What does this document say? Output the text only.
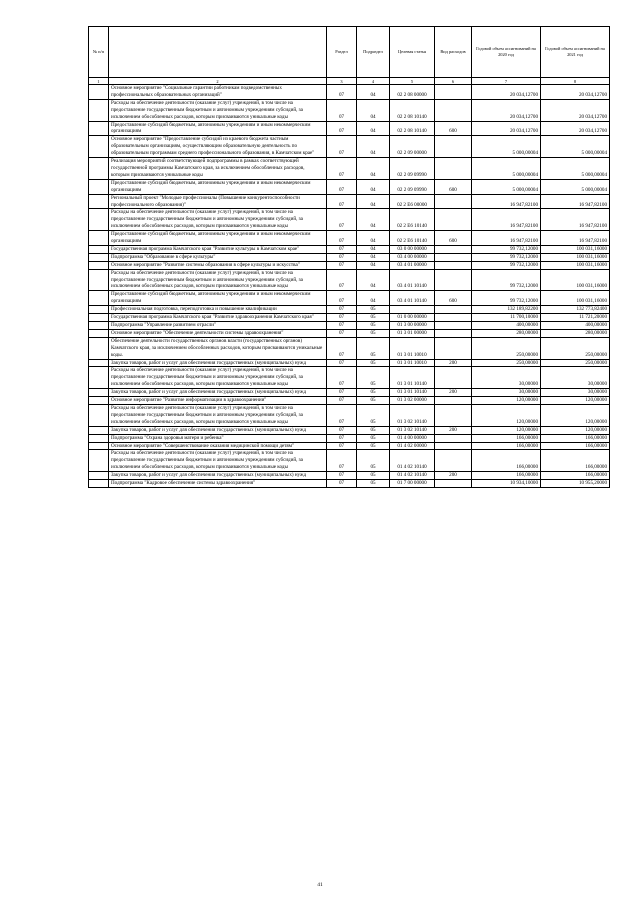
№ п/п		Раздел	Подраздел	Целевая статья	Вид расходов	Годовой объем ассигнований на 2020 год	Годовой объем ассигнований на 2021 год
1	2	3	4	5	6	7	8
	Основное мероприятие "Социальные гарантии работникам подведомственных профессиональных образовательных организаций"	07	04	02 2 08 00000		20 034,12700	20 034,12700
	Расходы на обеспечение деятельности (оказание услуг) учреждений, в том числе на предоставление государственным бюджетным и автономным учреждениям субсидий, за исключением обособленных расходов, которым присваиваются уникальные коды	07	04	02 2 08 10140		20 034,12700	20 034,12700
	Предоставление субсидий бюджетным, автономным учреждениям и иным некоммерческим организациям	07	04	02 2 08 10140	600	20 034,12700	20 034,12700
	Основное мероприятие "Предоставление субсидий из краевого бюджета частным образовательным организациям, осуществляющим образовательную деятельность по образовательным программам среднего профессионального образования, в Камчатском крае"	07	04	02 2 09 00000		5 000,00004	5 000,00004
	Реализация мероприятий соответствующей подпрограммы в рамках соответствующей государственной программы Камчатского края, за исключением обособленных расходов, которым присваиваются уникальные коды	07	04	02 2 09 09990		5 000,00004	5 000,00004
	Предоставление субсидий бюджетным, автономным учреждениям и иным некоммерческим организациям	07	04	02 2 09 09990	600	5 000,00004	5 000,00004
	Региональный проект "Молодые профессионалы (Повышение конкурентоспособности профессионального образования)"	07	04	02 2 E6 00000		16 947,82100	16 947,82100
	Расходы на обеспечение деятельности (оказание услуг) учреждений, в том числе на предоставление государственным бюджетным и автономным учреждениям субсидий, за исключением обособленных расходов, которым присваиваются уникальные коды	07	04	02 2 E6 10140		16 947,82100	16 947,82100
	Предоставление субсидий бюджетным, автономным учреждениям и иным некоммерческим организациям	07	04	02 2 E6 10140	600	16 947,82100	16 947,82100
	Государственная программа Камчатского края "Развитие культуры в Камчатском крае"	07	04	03 0 00 00000		99 732,12000	100 031,16000
	Подпрограмма "Образование в сфере культуры"	07	04	03 4 00 00000		99 732,12000	100 031,16000
	Основное мероприятие "Развитие системы образования в сфере культуры и искусства"	07	04	03 4 01 00000		99 732,12000	100 031,16000
	Расходы на обеспечение деятельности (оказание услуг) учреждений, в том числе на предоставление государственным бюджетным и автономным учреждениям субсидий, за исключением обособленных расходов, которым присваиваются уникальные коды	07	04	03 4 01 10140		99 732,12000	100 031,16000
	Предоставление субсидий бюджетным, автономным учреждениям и иным некоммерческим организациям	07	04	03 4 01 10140	600	99 732,12000	100 031,16000
	Профессиональная подготовка, переподготовка и повышение квалификации	07	05			132 189,82200	132 773,82400
	Государственная программа Камчатского края "Развитие здравоохранения Камчатского края"	07	05	01 0 00 00000		11 700,10000	11 721,20000
	Подпрограмма "Управление развитием отрасли"	07	05	01 3 00 00000		400,00000	400,00000
	Основное мероприятие "Обеспечение деятельности системы здравоохранения"	07	05	01 3 01 00000		280,00000	280,00000
	Обеспечение деятельности государственных органов власти (государственных органов) Камчатского края, за исключением обособленных расходов, которым присваиваются уникальные коды.	07	05	01 3 01 10010		250,00000	250,00000
	Закупка товаров, работ и услуг для обеспечения государственных (муниципальных) нужд	07	05	01 3 01 10010	200	250,00000	250,00000
	Расходы на обеспечение деятельности (оказание услуг) учреждений, в том числе на предоставление государственным бюджетным и автономным учреждениям субсидий, за исключением обособленных расходов, которым присваиваются уникальные коды	07	05	01 3 01 10140		30,00000	30,00000
	Закупка товаров, работ и услуг для обеспечения государственных (муниципальных) нужд	07	05	01 3 01 10140	200	30,00000	30,00000
	Основное мероприятие "Развитие информатизации в здравоохранении"	07	05	01 3 02 00000		120,00000	120,00000
	Расходы на обеспечение деятельности (оказание услуг) учреждений, в том числе на предоставление государственным бюджетным и автономным учреждениям субсидий, за исключением обособленных расходов, которым присваиваются уникальные коды	07	05	01 3 02 10140		120,00000	120,00000
	Закупка товаров, работ и услуг для обеспечения государственных (муниципальных) нужд	07	05	01 3 02 10140	200	120,00000	120,00000
	Подпрограмма "Охрана здоровья матери и ребенка"	07	05	01 4 00 00000		166,00000	166,00000
	Основное мероприятие "Совершенствование оказания медицинской помощи детям"	07	05	01 4 02 00000		166,00000	166,00000
	Расходы на обеспечение деятельности (оказание услуг) учреждений, в том числе на предоставление государственным бюджетным и автономным учреждениям субсидий, за исключением обособленных расходов, которым присваиваются уникальные коды	07	05	01 4 02 10140		166,00000	166,00000
	Закупка товаров, работ и услуг для обеспечения государственных (муниципальных) нужд	07	05	01 4 02 10140	200	166,00000	166,00000
	Подпрограмма "Кадровое обеспечение системы здравоохранения"	07	05	01 7 00 00000		10 934,10000	10 955,20000
41
